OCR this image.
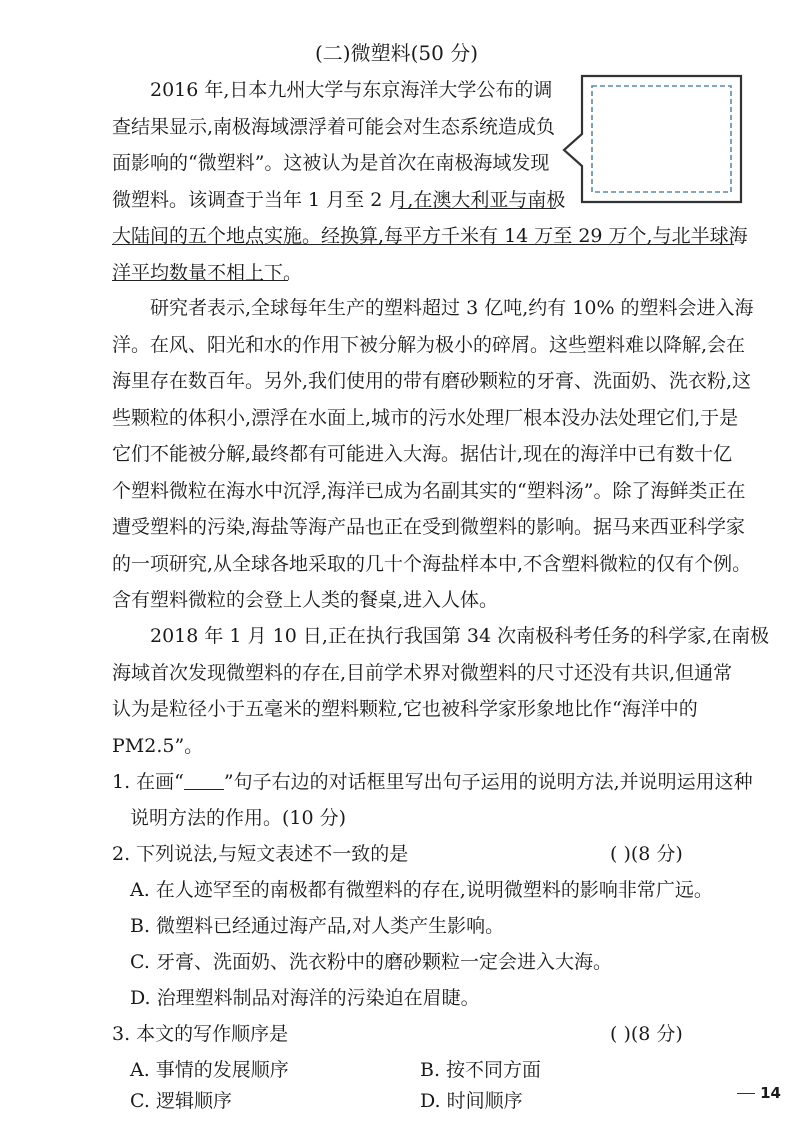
(二)微塑料(50 分)
2016 年,日本九州大学与东京海洋大学公布的调
查结果显示,南极海域漂浮着可能会对生态系统造成负
面影响的“微塑料”。这被认为是首次在南极海域发现
微塑料。该调查于当年 1 月至 2 月,在澳大利亚与南极
大陆间的五个地点实施。经换算,每平方千米有 14 万至 29 万个,与北半球海
洋平均数量不相上下。
研究者表示,全球每年生产的塑料超过 3 亿吨,约有 10% 的塑料会进入海
洋。在风、阳光和水的作用下被分解为极小的碎屑。这些塑料难以降解,会在
海里存在数百年。另外,我们使用的带有磨砂颗粒的牙膏、洗面奶、洗衣粉,这
些颗粒的体积小,漂浮在水面上,城市的污水处理厂根本没办法处理它们,于是
它们不能被分解,最终都有可能进入大海。据估计,现在的海洋中已有数十亿
个塑料微粒在海水中沉浮,海洋已成为名副其实的“塑料汤”。除了海鲜类正在
遭受塑料的污染,海盐等海产品也正在受到微塑料的影响。据马来西亚科学家
的一项研究,从全球各地采取的几十个海盐样本中,不含塑料微粒的仅有个例。
含有塑料微粒的会登上人类的餐桌,进入人体。
2018 年 1 月 10 日,正在执行我国第 34 次南极科考任务的科学家,在南极
海域首次发现微塑料的存在,目前学术界对微塑料的尺寸还没有共识,但通常
认为是粒径小于五毫米的塑料颗粒,它也被科学家形象地比作“海洋中的
PM2.5”。
1. 在画“ ”句子右边的对话框里写出句子运用的说明方法,并说明运用这种
说明方法的作用。(10 分)
2. 下列说法,与短文表述不一致的是	( )(8 分)
A. 在人迹罕至的南极都有微塑料的存在,说明微塑料的影响非常广远。
B. 微塑料已经通过海产品,对人类产生影响。
C. 牙膏、洗面奶、洗衣粉中的磨砂颗粒一定会进入大海。
D. 治理塑料制品对海洋的污染迫在眉睫。
3. 本文的写作顺序是	( )(8 分)
A. 事情的发展顺序	B. 按不同方面
C. 逻辑顺序	D. 时间顺序	14
